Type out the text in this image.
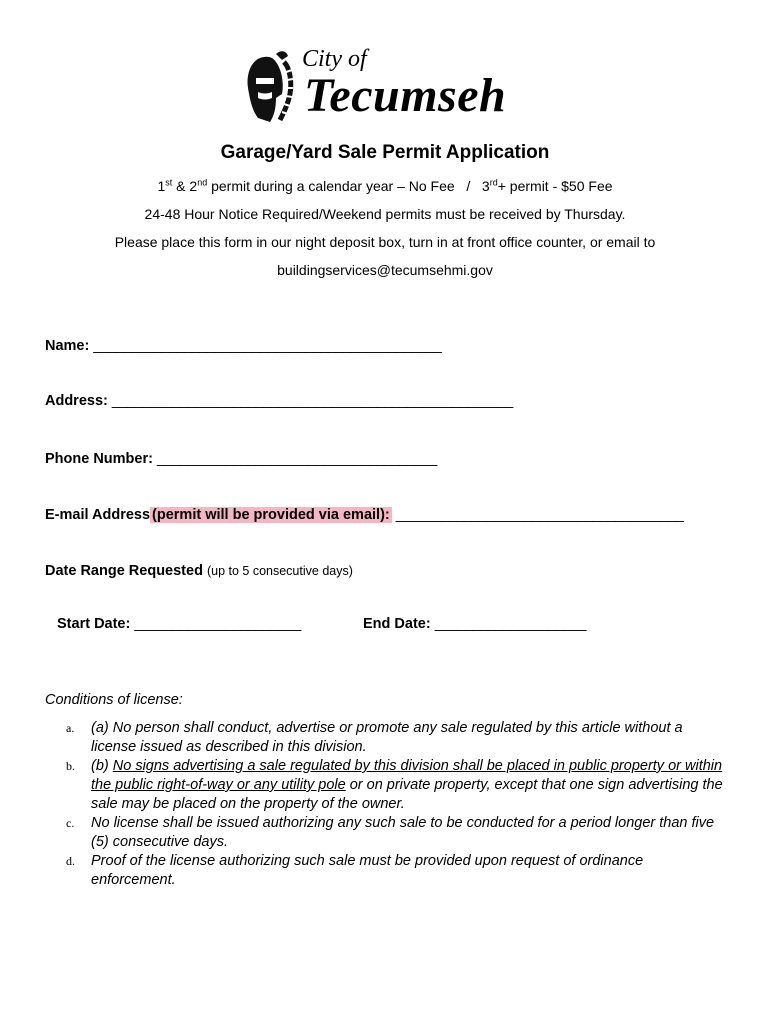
City of
Tecumseh
Garage/Yard Sale Permit Application
1st & 2nd permit during a calendar year – No Fee   /   3rd+ permit - $50 Fee
24-48 Hour Notice Required/Weekend permits must be received by Thursday.
Please place this form in our night deposit box, turn in at front office counter, or email to
buildingservices@tecumsehmi.gov
Name: ______________________________________________
Address: _____________________________________________________
Phone Number: _____________________________________
E-mail Address (permit will be provided via email): ______________________________________
Date Range Requested (up to 5 consecutive days)
Start Date: ______________________	End Date: ____________________
Conditions of license:
a. (a) No person shall conduct, advertise or promote any sale regulated by this article without a license issued as described in this division.
b. (b) No signs advertising a sale regulated by this division shall be placed in public property or within the public right-of-way or any utility pole or on private property, except that one sign advertising the sale may be placed on the property of the owner.
c. No license shall be issued authorizing any such sale to be conducted for a period longer than five (5) consecutive days.
d. Proof of the license authorizing such sale must be provided upon request of ordinance enforcement.
